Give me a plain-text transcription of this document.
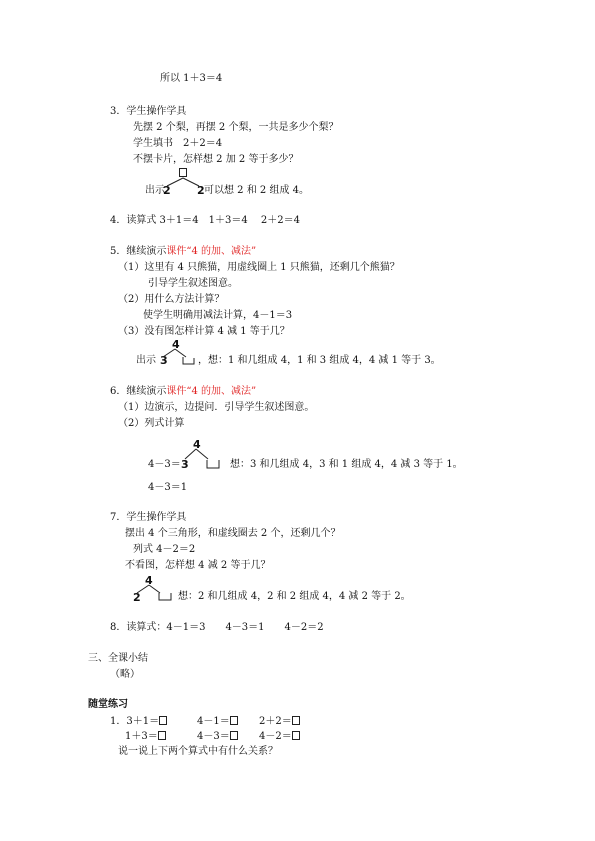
所以 1＋3＝4
3．学生操作学具
先摆 2 个梨，再摆 2 个梨，一共是多少个梨？
学生填书　2＋2＝4
不摆卡片，怎样想 2 加 2 等于多少？
出示
2 2 可以想 2 和 2 组成 4。
4．读算式 3＋1＝4　1＋3＝4　 2＋2＝4
5．继续演示课件“4 的加、减法”
（1）这里有 4 只熊猫，用虚线圈上 1 只熊猫，还剩几个熊猫？
引导学生叙述图意。
（2）用什么方法计算？
使学生明确用减法计算，4－1＝3
（3）没有图怎样计算 4 减 1 等于几？
出示
4
3	，想：1 和几组成 4，1 和 3 组成 4，4 减 1 等于 3。
6．继续演示课件“4 的加、减法”
（1）边演示，边提问．引导学生叙述图意。
（2）列式计算
4－3＝
4
3	想：3 和几组成 4，3 和 1 组成 4，4 减 3 等于 1。
4－3＝1
7．学生操作学具
摆出 4 个三角形，和虚线圈去 2 个，还剩几个？
列式 4－2＝2
不看图，怎样想 4 减 2 等于几？
4
2	想：2 和几组成 4，2 和 2 组成 4，4 减 2 等于 2。
8．读算式：4－1＝3　　4－3＝1　　4－2＝2
三、全课小结
（略）
随堂练习
1．3＋1＝	4－1＝	2＋2＝
1＋3＝	4－3＝	4－2＝
说一说上下两个算式中有什么关系？
